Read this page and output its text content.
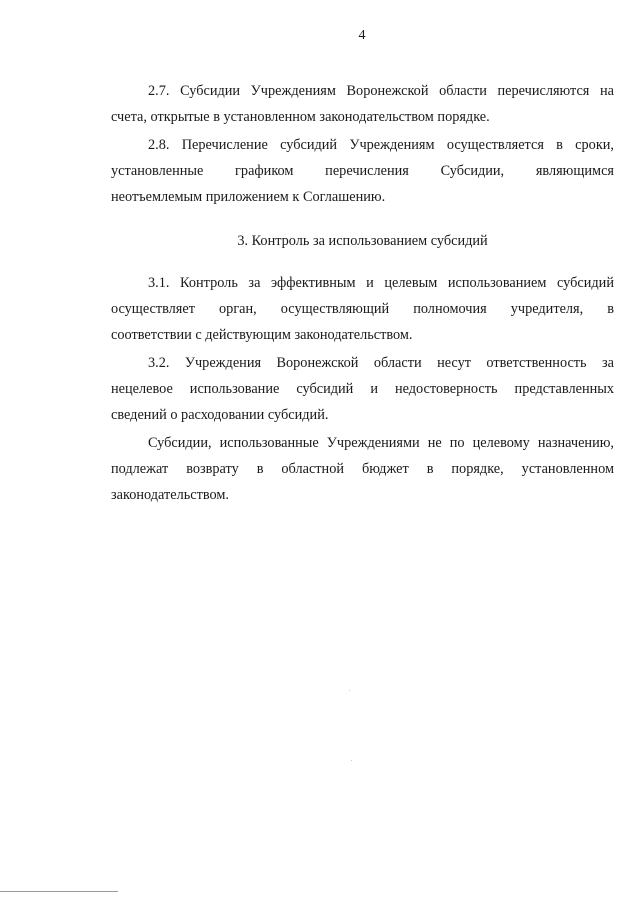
4

2.7. Субсидии Учреждениям Воронежской области перечисляются на

счета, открытые в установленном законодательством порядке.

2.8. Перечисление субсидий Учреждениям осуществляется в сроки,

установленные графиком перечисления Субсидии, являющимся

неотъемлемым приложением к Соглашению.

3. Контроль за использованием субсидий

3.1. Контроль за эффективным и целевым использованием субсидий

осуществляет орган, осуществляющий полномочия учредителя, в

соответствии с действующим законодательством.

3.2. Учреждения Воронежской области несут ответственность за

нецелевое использование субсидий и недостоверность представленных

сведений о расходовании субсидий.

Субсидии, использованные Учреждениями не по целевому назначению,

подлежат возврату в областной бюджет в порядке, установленном

законодательством.
